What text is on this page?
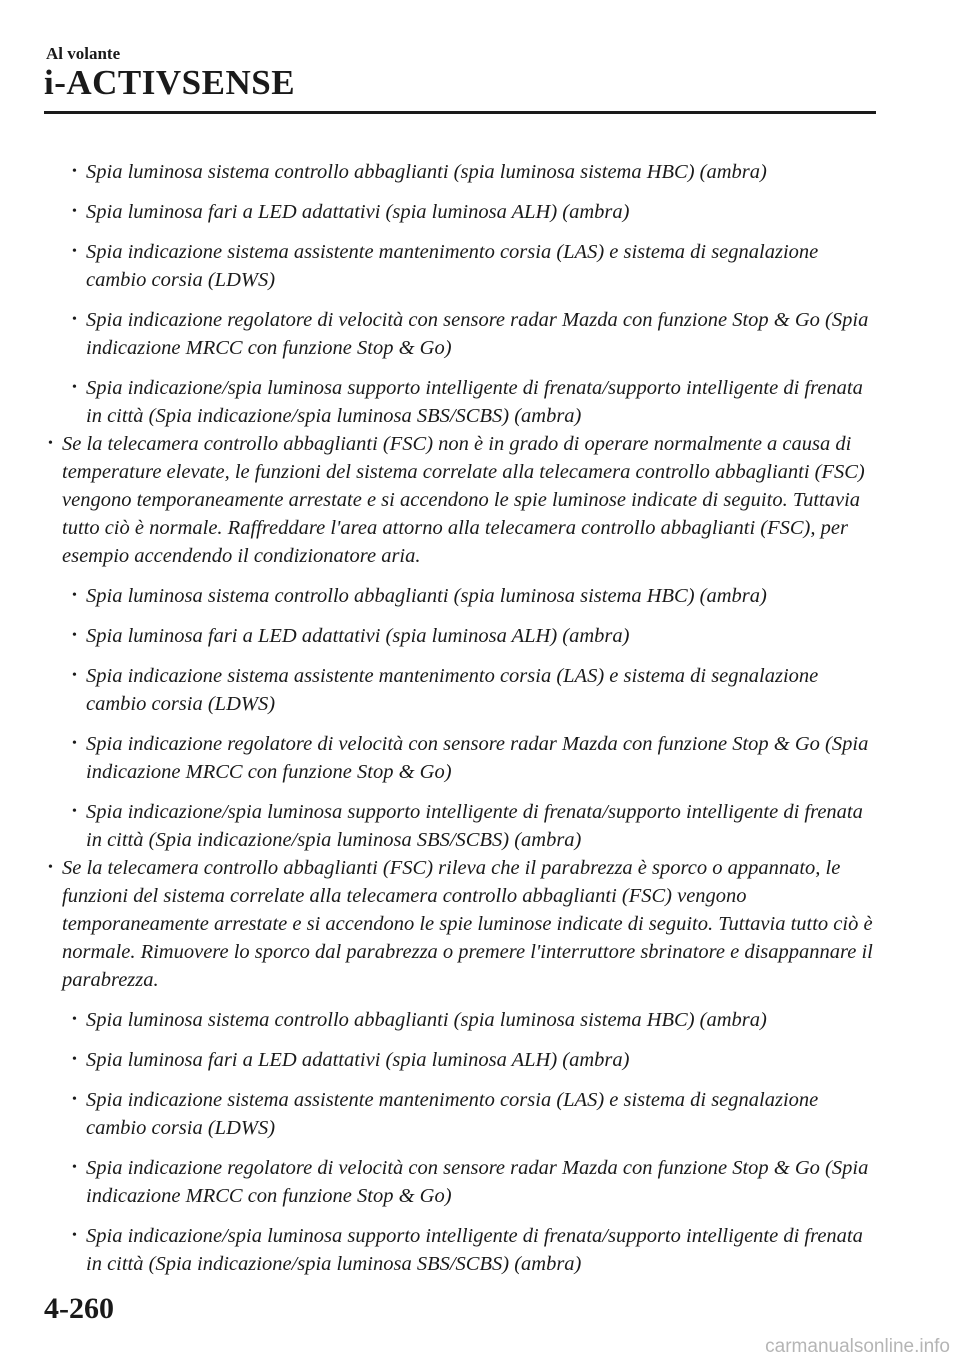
Al volante
i-ACTIVSENSE
• Spia luminosa sistema controllo abbaglianti (spia luminosa sistema HBC) (ambra)
• Spia luminosa fari a LED adattativi (spia luminosa ALH) (ambra)
• Spia indicazione sistema assistente mantenimento corsia (LAS) e sistema di segnalazione cambio corsia (LDWS)
• Spia indicazione regolatore di velocità con sensore radar Mazda con funzione Stop & Go (Spia indicazione MRCC con funzione Stop & Go)
• Spia indicazione/spia luminosa supporto intelligente di frenata/supporto intelligente di frenata in città (Spia indicazione/spia luminosa SBS/SCBS) (ambra)
• Se la telecamera controllo abbaglianti (FSC) non è in grado di operare normalmente a causa di temperature elevate, le funzioni del sistema correlate alla telecamera controllo abbaglianti (FSC) vengono temporaneamente arrestate e si accendono le spie luminose indicate di seguito. Tuttavia tutto ciò è normale. Raffreddare l'area attorno alla telecamera controllo abbaglianti (FSC), per esempio accendendo il condizionatore aria.
• Spia luminosa sistema controllo abbaglianti (spia luminosa sistema HBC) (ambra)
• Spia luminosa fari a LED adattativi (spia luminosa ALH) (ambra)
• Spia indicazione sistema assistente mantenimento corsia (LAS) e sistema di segnalazione cambio corsia (LDWS)
• Spia indicazione regolatore di velocità con sensore radar Mazda con funzione Stop & Go (Spia indicazione MRCC con funzione Stop & Go)
• Spia indicazione/spia luminosa supporto intelligente di frenata/supporto intelligente di frenata in città (Spia indicazione/spia luminosa SBS/SCBS) (ambra)
• Se la telecamera controllo abbaglianti (FSC) rileva che il parabrezza è sporco o appannato, le funzioni del sistema correlate alla telecamera controllo abbaglianti (FSC) vengono temporaneamente arrestate e si accendono le spie luminose indicate di seguito. Tuttavia tutto ciò è normale. Rimuovere lo sporco dal parabrezza o premere l'interruttore sbrinatore e disappannare il parabrezza.
• Spia luminosa sistema controllo abbaglianti (spia luminosa sistema HBC) (ambra)
• Spia luminosa fari a LED adattativi (spia luminosa ALH) (ambra)
• Spia indicazione sistema assistente mantenimento corsia (LAS) e sistema di segnalazione cambio corsia (LDWS)
• Spia indicazione regolatore di velocità con sensore radar Mazda con funzione Stop & Go (Spia indicazione MRCC con funzione Stop & Go)
• Spia indicazione/spia luminosa supporto intelligente di frenata/supporto intelligente di frenata in città (Spia indicazione/spia luminosa SBS/SCBS) (ambra)
4-260
carmanualsonline.info
